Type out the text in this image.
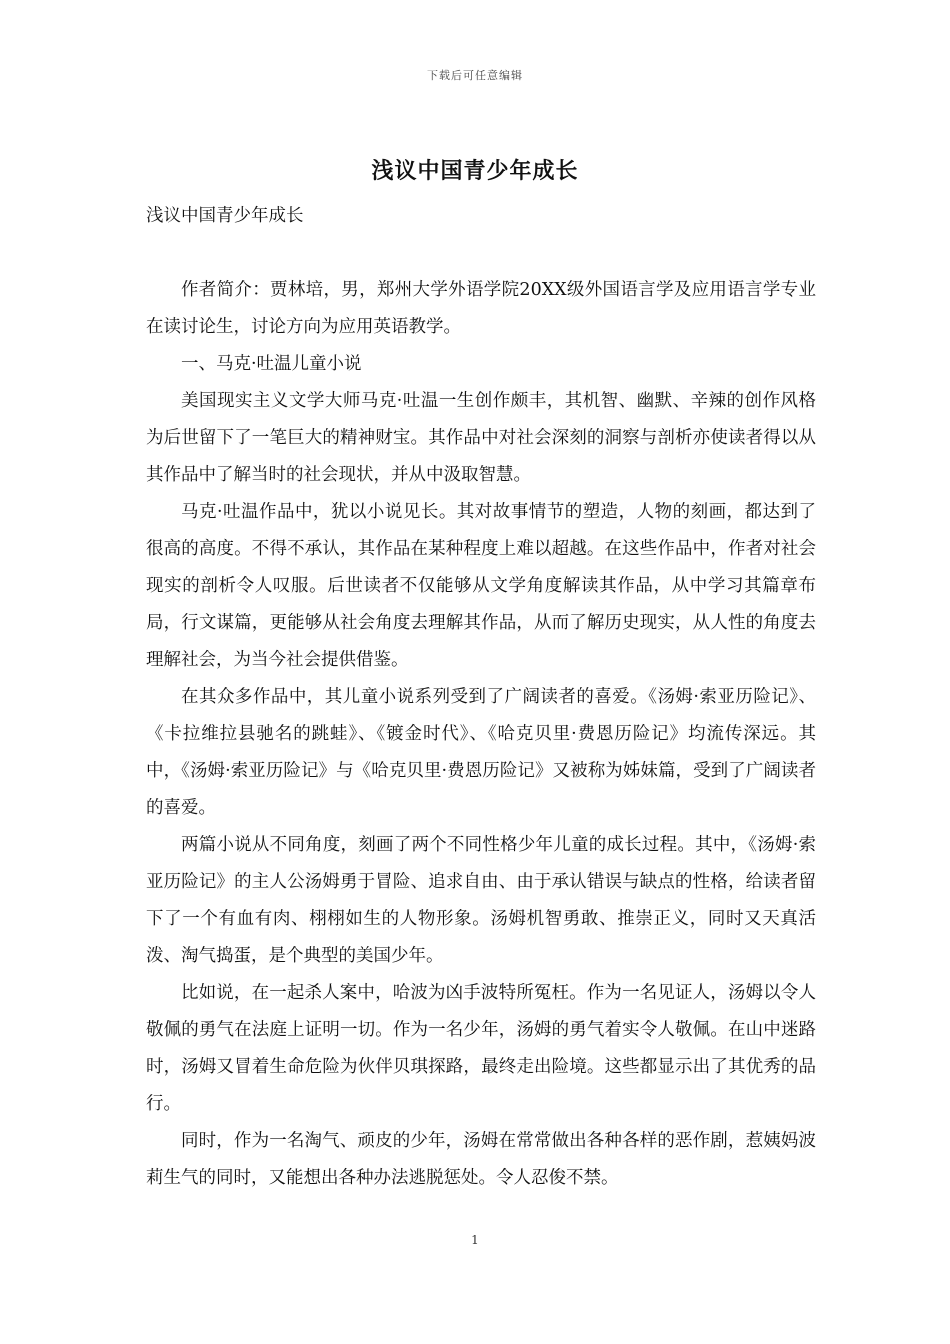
下载后可任意编辑
浅议中国青少年成长

浅议中国青少年成长

作者简介：贾林培，男，郑州大学外语学院20XX级外国语言学及应用语言学专业在读讨论生，讨论方向为应用英语教学。

一、马克·吐温儿童小说

美国现实主义文学大师马克·吐温一生创作颇丰，其机智、幽默、辛辣的创作风格为后世留下了一笔巨大的精神财宝。其作品中对社会深刻的洞察与剖析亦使读者得以从其作品中了解当时的社会现状，并从中汲取智慧。

马克·吐温作品中，犹以小说见长。其对故事情节的塑造，人物的刻画，都达到了很高的高度。不得不承认，其作品在某种程度上难以超越。在这些作品中，作者对社会现实的剖析令人叹服。后世读者不仅能够从文学角度解读其作品，从中学习其篇章布局，行文谋篇，更能够从社会角度去理解其作品，从而了解历史现实，从人性的角度去理解社会，为当今社会提供借鉴。

在其众多作品中，其儿童小说系列受到了广阔读者的喜爱。《汤姆·索亚历险记》、《卡拉维拉县驰名的跳蛙》、《镀金时代》、《哈克贝里·费恩历险记》均流传深远。其中，《汤姆·索亚历险记》与《哈克贝里·费恩历险记》又被称为姊妹篇，受到了广阔读者的喜爱。

两篇小说从不同角度，刻画了两个不同性格少年儿童的成长过程。其中，《汤姆·索亚历险记》的主人公汤姆勇于冒险、追求自由、由于承认错误与缺点的性格，给读者留下了一个有血有肉、栩栩如生的人物形象。汤姆机智勇敢、推崇正义，同时又天真活泼、淘气捣蛋，是个典型的美国少年。

比如说，在一起杀人案中，哈波为凶手波特所冤枉。作为一名见证人，汤姆以令人敬佩的勇气在法庭上证明一切。作为一名少年，汤姆的勇气着实令人敬佩。在山中迷路时，汤姆又冒着生命危险为伙伴贝琪探路，最终走出险境。这些都显示出了其优秀的品行。

同时，作为一名淘气、顽皮的少年，汤姆在常常做出各种各样的恶作剧，惹姨妈波莉生气的同时，又能想出各种办法逃脱惩处。令人忍俊不禁。

1
